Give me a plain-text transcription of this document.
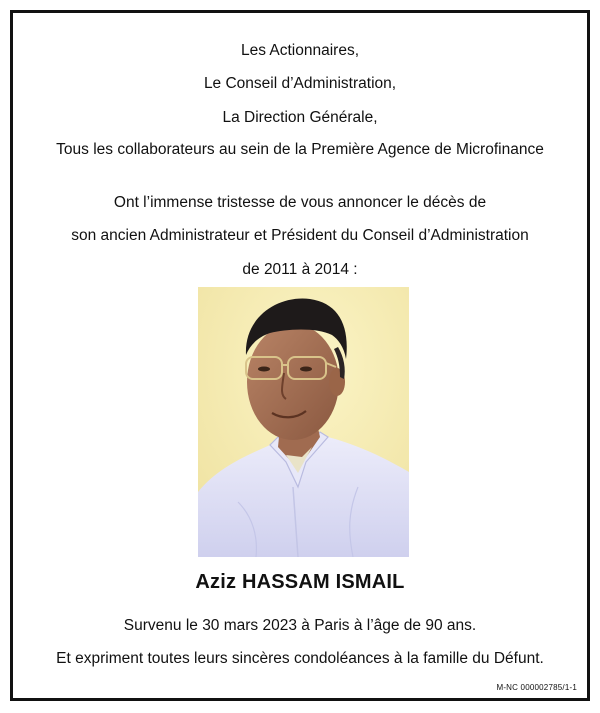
Les Actionnaires,
Le Conseil d’Administration,
La Direction Générale,
Tous les collaborateurs au sein de la Première Agence de Microfinance
Ont l’immense tristesse de vous annoncer le décès de
son ancien Administrateur et Président du Conseil d’Administration
de 2011 à 2014 :
Aziz HASSAM ISMAIL
Survenu le 30 mars 2023 à Paris à l’âge de 90 ans.
Et expriment toutes leurs sincères condoléances à la famille du Défunt.
M-NC 000002785/1-1
